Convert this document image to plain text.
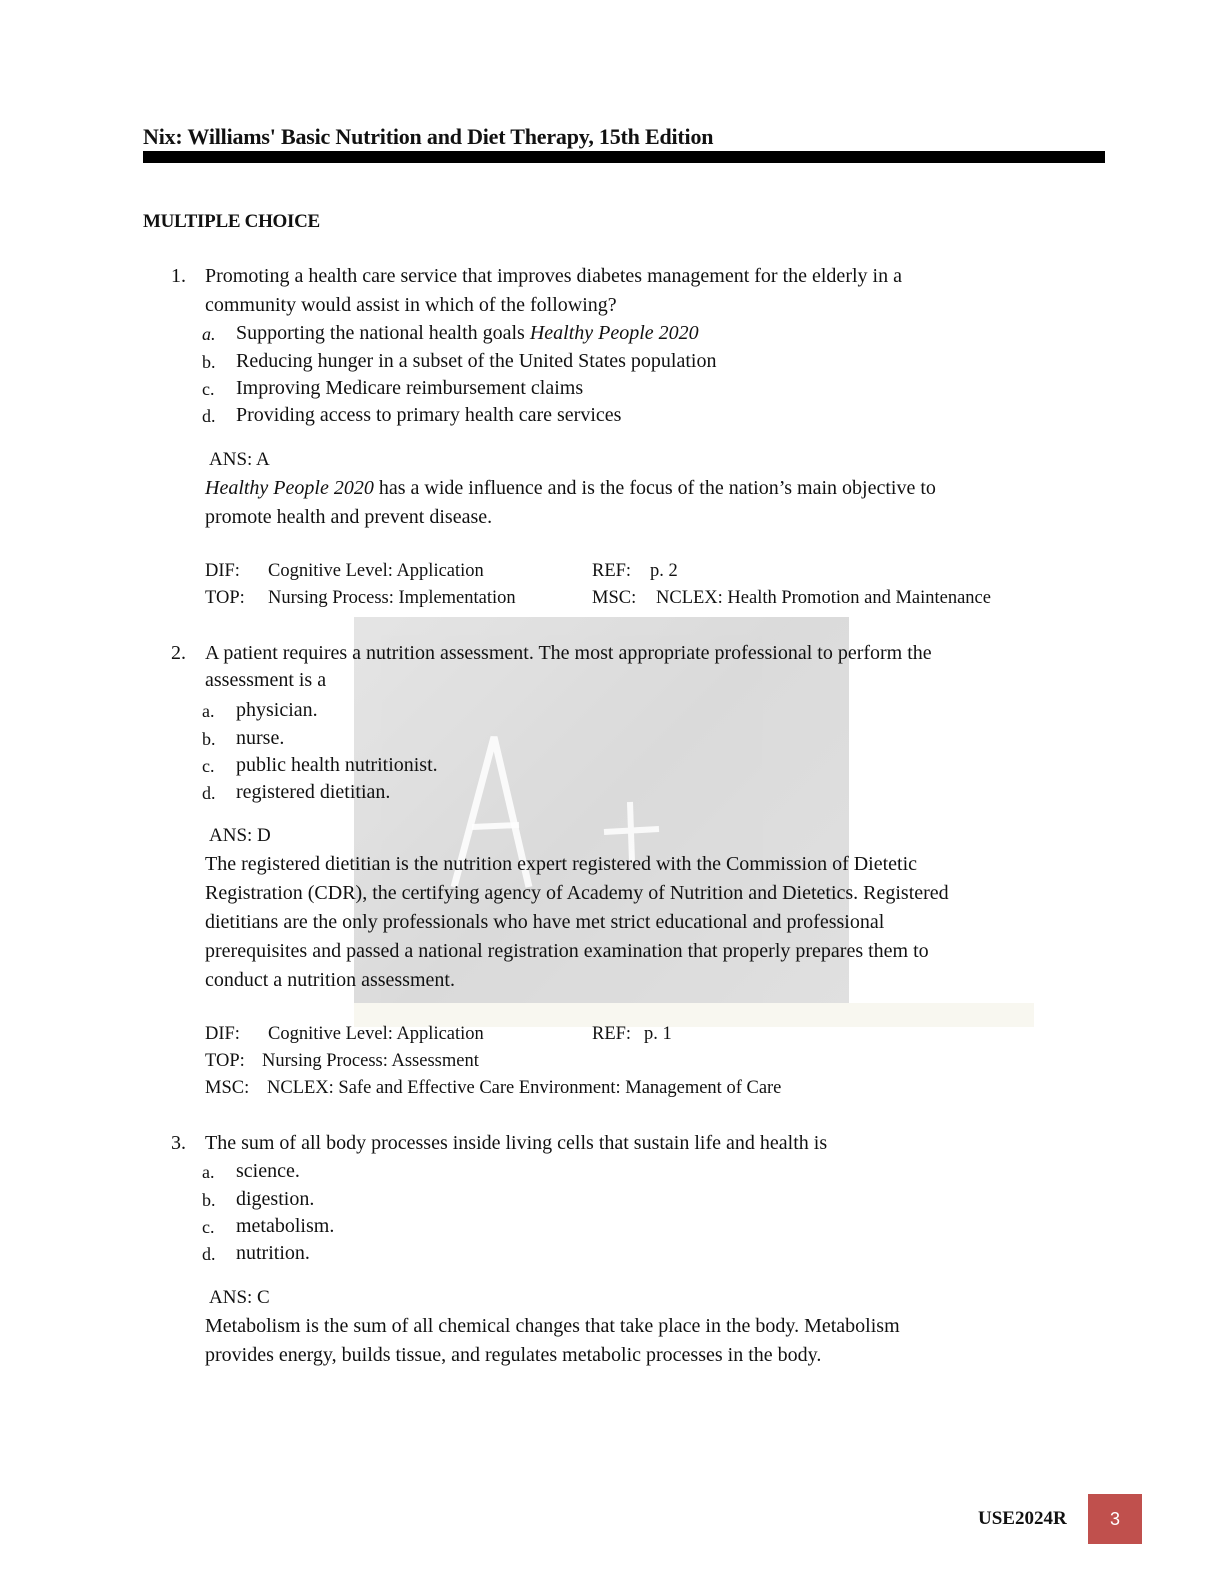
Nix: Williams' Basic Nutrition and Diet Therapy, 15th Edition
MULTIPLE CHOICE
1. Promoting a health care service that improves diabetes management for the elderly in a
community would assist in which of the following?
a. Supporting the national health goals Healthy People 2020
b. Reducing hunger in a subset of the United States population
c. Improving Medicare reimbursement claims
d. Providing access to primary health care services
ANS: A
Healthy People 2020 has a wide influence and is the focus of the nation’s main objective to
promote health and prevent disease.
DIF: Cognitive Level: Application	REF: p. 2
TOP: Nursing Process: Implementation	MSC: NCLEX: Health Promotion and Maintenance
2. A patient requires a nutrition assessment. The most appropriate professional to perform the
assessment is a
a. physician.
b. nurse.
c. public health nutritionist.
d. registered dietitian.
ANS: D
The registered dietitian is the nutrition expert registered with the Commission of Dietetic
Registration (CDR), the certifying agency of Academy of Nutrition and Dietetics. Registered
dietitians are the only professionals who have met strict educational and professional
prerequisites and passed a national registration examination that properly prepares them to
conduct a nutrition assessment.
DIF: Cognitive Level: Application	REF: p. 1
TOP: Nursing Process: Assessment
MSC: NCLEX: Safe and Effective Care Environment: Management of Care
3. The sum of all body processes inside living cells that sustain life and health is
a. science.
b. digestion.
c. metabolism.
d. nutrition.
ANS: C
Metabolism is the sum of all chemical changes that take place in the body. Metabolism
provides energy, builds tissue, and regulates metabolic processes in the body.
USE2024R 3
